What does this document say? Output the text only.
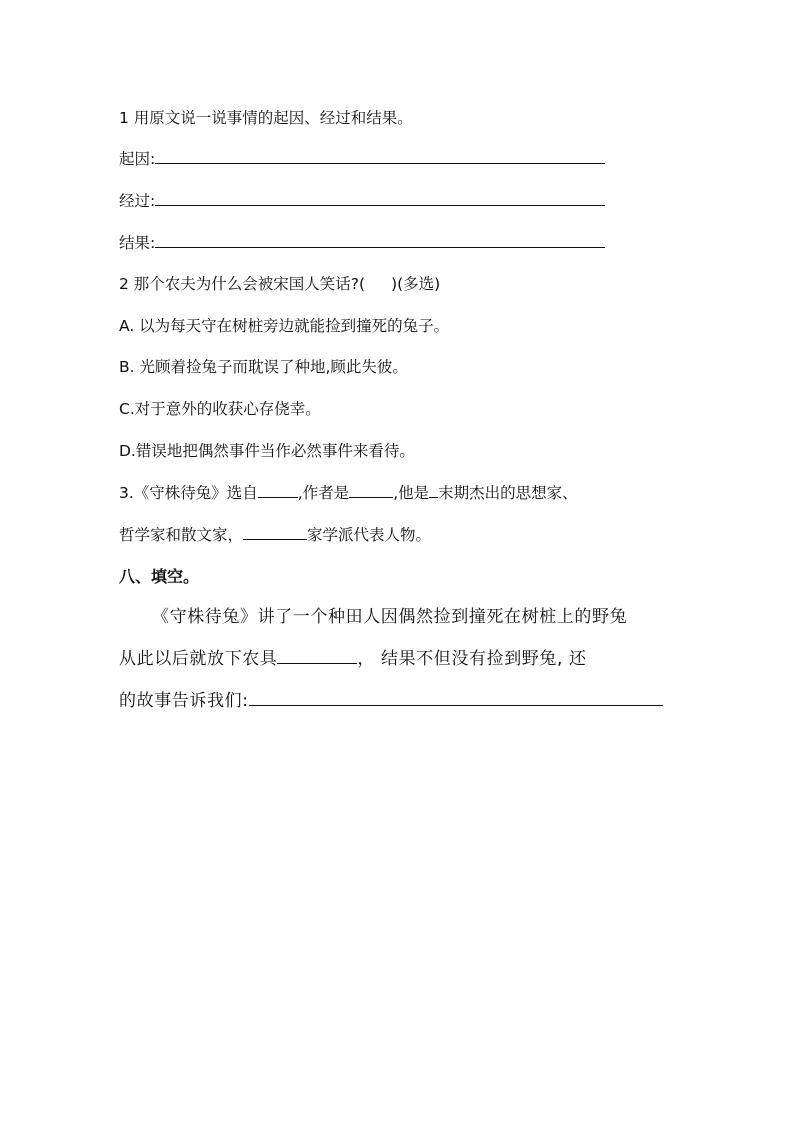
1 用原文说一说事情的起因、经过和结果。
起因:
经过:
结果:
2 那个农夫为什么会被宋国人笑话?( )(多选)
A. 以为每天守在树桩旁边就能捡到撞死的兔子。
B. 光顾着捡兔子而耽误了种地,顾此失彼。
C.对于意外的收获心存侥幸。
D.错误地把偶然事件当作必然事件来看待。
3.《守株待兔》选自	,作者是	,他是 末期杰出的思想家、
哲学家和散文家，	家学派代表人物。
八、填空。
《守株待兔》讲了一个种田人因偶然捡到撞死在树桩上的野兔
从此以后就放下农具	， 结果不但没有捡到野兔, 还
的故事告诉我们:
